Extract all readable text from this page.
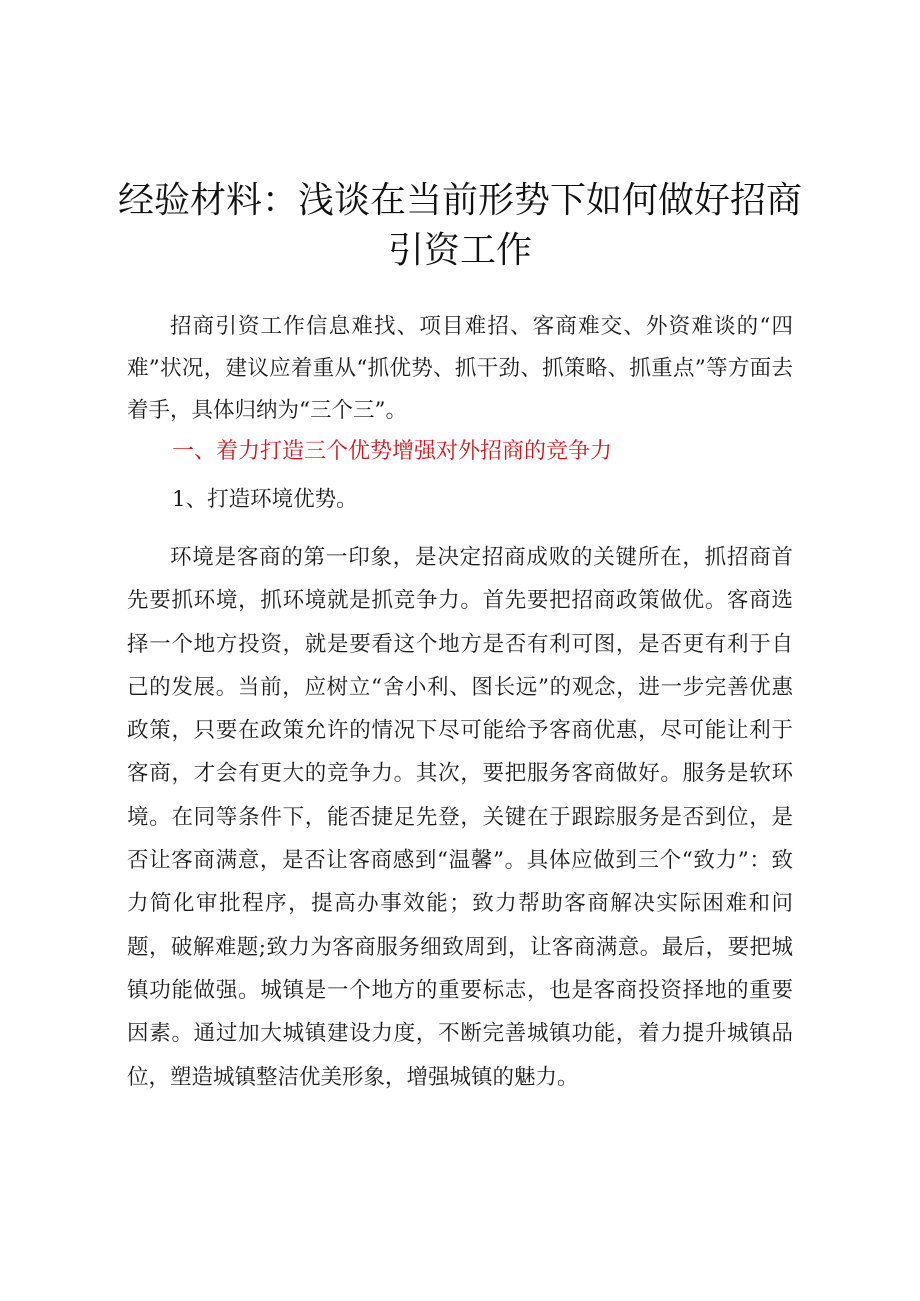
经验材料：浅谈在当前形势下如何做好招商
引资工作

招商引资工作信息难找、项目难招、客商难交、外资难谈的“四难”状况，建议应着重从“抓优势、抓干劲、抓策略、抓重点”等方面去着手，具体归纳为“三个三”。

一、着力打造三个优势增强对外招商的竞争力

1、打造环境优势。

环境是客商的第一印象，是决定招商成败的关键所在，抓招商首先要抓环境，抓环境就是抓竞争力。首先要把招商政策做优。客商选择一个地方投资，就是要看这个地方是否有利可图，是否更有利于自己的发展。当前，应树立“舍小利、图长远”的观念，进一步完善优惠政策，只要在政策允许的情况下尽可能给予客商优惠，尽可能让利于客商，才会有更大的竞争力。其次，要把服务客商做好。服务是软环境。在同等条件下，能否捷足先登，关键在于跟踪服务是否到位，是否让客商满意，是否让客商感到“温馨”。具体应做到三个“致力”：致力简化审批程序，提高办事效能；致力帮助客商解决实际困难和问题，破解难题;致力为客商服务细致周到，让客商满意。最后，要把城镇功能做强。城镇是一个地方的重要标志，也是客商投资择地的重要因素。通过加大城镇建设力度，不断完善城镇功能，着力提升城镇品位，塑造城镇整洁优美形象，增强城镇的魅力。
